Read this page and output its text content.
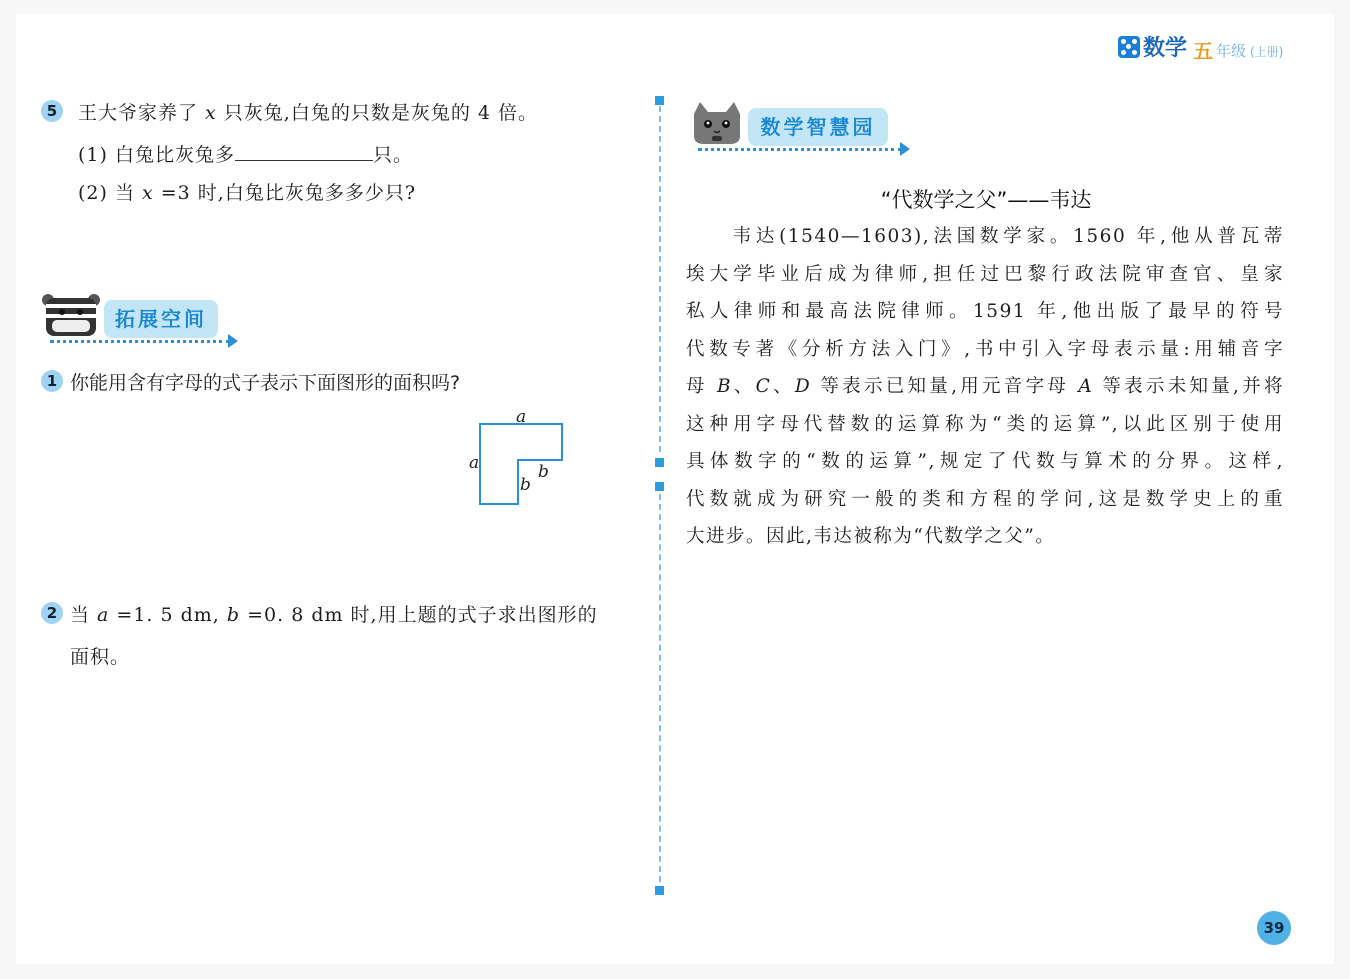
数学 五 年级 (上册)
5	王大爷家养了 x 只灰兔,白兔的只数是灰兔的 4 倍。
(1) 白兔比灰兔多	只。
(2) 当 x =3 时,白兔比灰兔多多少只?
拓展空间
1 你能用含有字母的式子表示下面图形的面积吗?
a
a	b
b
2 当 a =1. 5 dm, b =0. 8 dm 时,用上题的式子求出图形的
面积。
数学智慧园
“代数学之父”——韦达
　　韦达(1540—1603),法国数学家。1560 年,他从普瓦蒂
埃大学毕业后成为律师,担任过巴黎行政法院审查官、皇家
私人律师和最高法院律师。1591 年,他出版了最早的符号
代数专著《分析方法入门》,书中引入字母表示量:用辅音字
母 B、C、D 等表示已知量,用元音字母 A 等表示未知量,并将
这种用字母代替数的运算称为“类的运算”,以此区别于使用
具体数字的“数的运算”,规定了代数与算术的分界。这样,
代数就成为研究一般的类和方程的学问,这是数学史上的重
大进步。因此,韦达被称为“代数学之父”。
39
